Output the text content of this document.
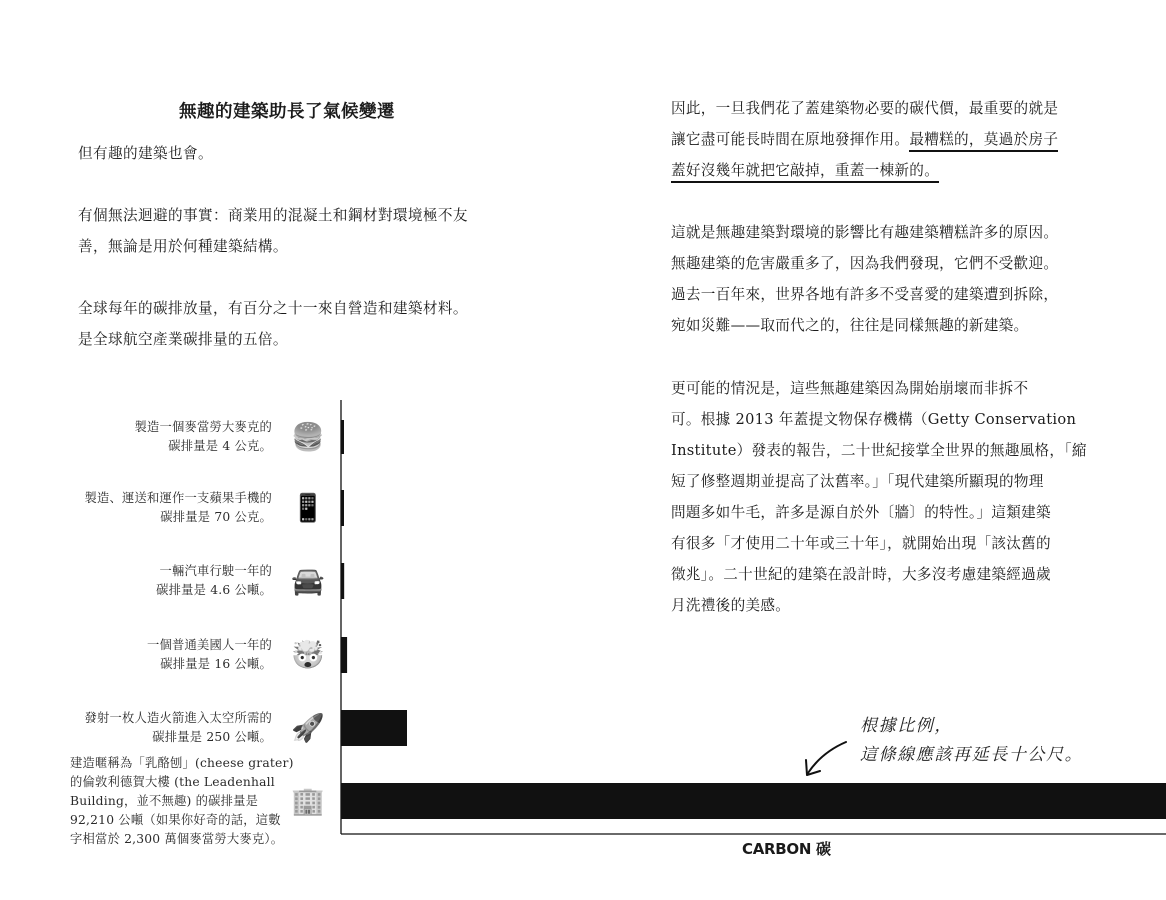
無趣的建築助長了氣候變遷

但有趣的建築也會。

有個無法迴避的事實：商業用的混凝土和鋼材對環境極不友
善，無論是用於何種建築結構。

全球每年的碳排放量，有百分之十一來自營造和建築材料。
是全球航空產業碳排量的五倍。

因此，一旦我們花了蓋建築物必要的碳代價，最重要的就是
讓它盡可能長時間在原地發揮作用。最糟糕的，莫過於房子
蓋好沒幾年就把它敲掉，重蓋一棟新的。

這就是無趣建築對環境的影響比有趣建築糟糕許多的原因。
無趣建築的危害嚴重多了，因為我們發現，它們不受歡迎。
過去一百年來，世界各地有許多不受喜愛的建築遭到拆除，
宛如災難——取而代之的，往往是同樣無趣的新建築。

更可能的情況是，這些無趣建築因為開始崩壞而非拆不
可。根據 2013 年蓋提文物保存機構（Getty Conservation
Institute）發表的報告，二十世紀接掌全世界的無趣風格，「縮
短了修整週期並提高了汰舊率。」「現代建築所顯現的物理
問題多如牛毛，許多是源自於外〔牆〕的特性。」這類建築
有很多「才使用二十年或三十年」，就開始出現「該汰舊的
徵兆」。二十世紀的建築在設計時，大多沒考慮建築經過歲
月洗禮後的美感。

製造一個麥當勞大麥克的
碳排量是 4 公克。 🍔
製造、運送和運作一支蘋果手機的
碳排量是 70 公克。 📱
一輛汽車行駛一年的
碳排量是 4.6 公噸。 🚘
一個普通美國人一年的
碳排量是 16 公噸。 🤯
發射一枚人造火箭進入太空所需的
碳排量是 250 公噸。 🚀
建造暱稱為「乳酪刨」(cheese grater)
的倫敦利德賀大樓 (the Leadenhall
Building，並不無趣) 的碳排量是
92,210 公噸（如果你好奇的話，這數
字相當於 2,300 萬個麥當勞大麥克）。
🏢
CARBON 碳
根據比例，
這條線應該再延長十公尺。
